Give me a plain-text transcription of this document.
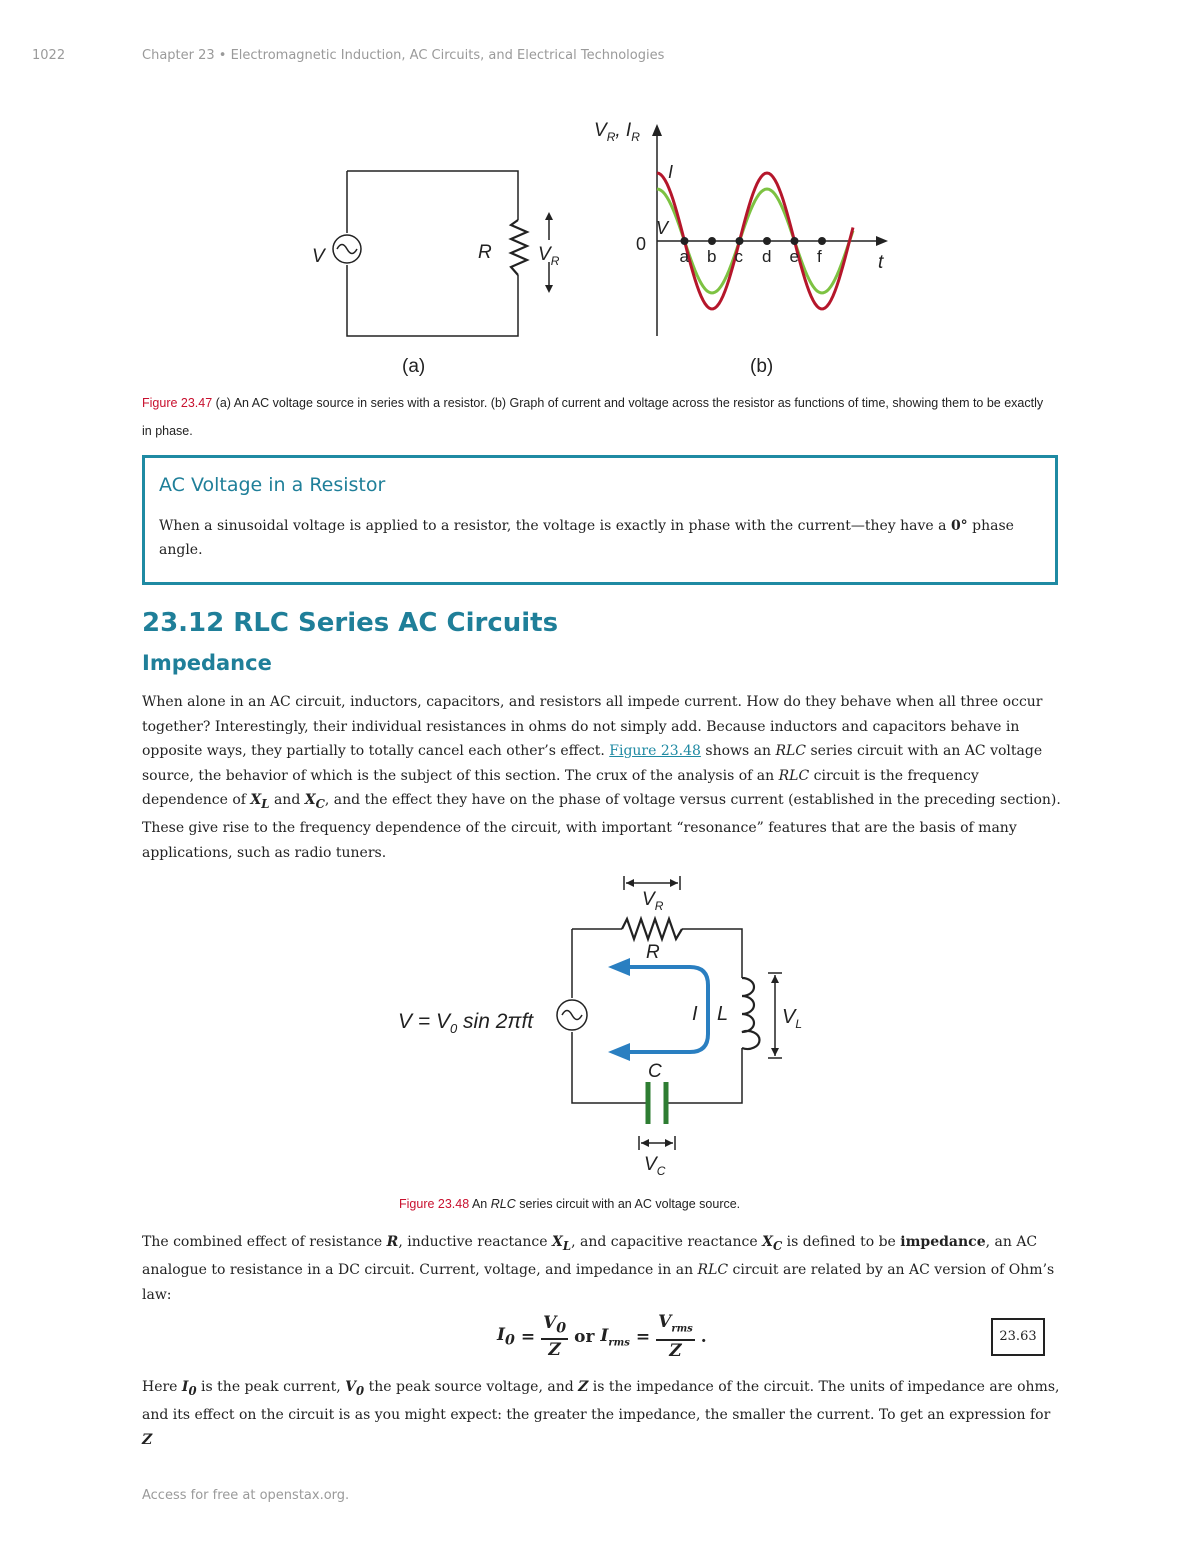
1022	Chapter 23 • Electromagnetic Induction, AC Circuits, and Electrical Technologies
V	R $V_R$
(a)
$V_R$, $I_R$
0
t
I
V
a b c d e f
(b)
Figure 23.47 (a) An AC voltage source in series with a resistor. (b) Graph of current and voltage across the resistor as functions of time, showing them to be exactly in phase.
AC Voltage in a Resistor

When a sinusoidal voltage is applied to a resistor, the voltage is exactly in phase with the current—they have a 0° phase angle.

23.12 RLC Series AC Circuits
Impedance

When alone in an AC circuit, inductors, capacitors, and resistors all impede current. How do they behave when all three occur together? Interestingly, their individual resistances in ohms do not simply add. Because inductors and capacitors behave in opposite ways, they partially to totally cancel each other’s effect. Figure 23.48 shows an RLC series circuit with an AC voltage source, the behavior of which is the subject of this section. The crux of the analysis of an RLC circuit is the frequency dependence of $X_L$ and $X_C$, and the effect they have on the phase of voltage versus current (established in the preceding section). These give rise to the frequency dependence of the circuit, with important “resonance” features that are the basis of many applications, such as radio tuners.

$V_R$
R
$V = V_0$ sin 2πft	I L	$V_L$
C
$V_C$
Figure 23.48 An RLC series circuit with an AC voltage source.

The combined effect of resistance R, inductive reactance $X_L$, and capacitive reactance $X_C$ is defined to be impedance, an AC analogue to resistance in a DC circuit. Current, voltage, and impedance in an RLC circuit are related by an AC version of Ohm’s law:

$I_0 = \frac{V_0}{Z}$ or $I_{rms}$ =
$V_{rms}$
Z
.	23.63

Here $I_0$ is the peak current, $V_0$ the peak source voltage, and Z is the impedance of the circuit. The units of impedance are ohms, and its effect on the circuit is as you might expect: the greater the impedance, the smaller the current. To get an expression for Z

Access for free at openstax.org.
